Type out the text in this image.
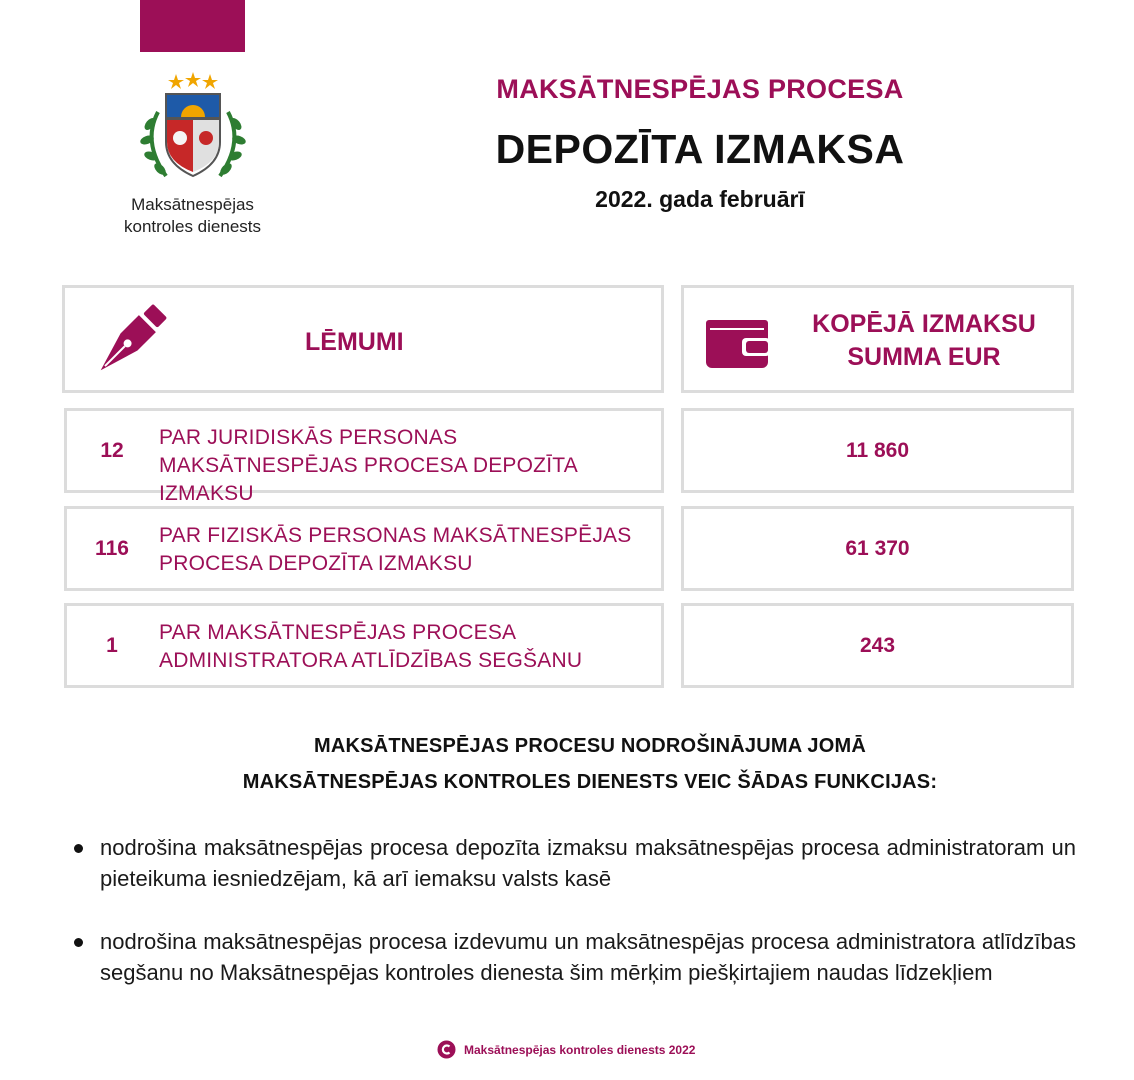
Maksātnespējas kontroles dienests
MAKSĀTNESPĒJAS PROCESA
DEPOZĪTA IZMAKSA
2022. gada februārī
LĒMUMI
KOPĒJĀ IZMAKSU SUMMA EUR
12
PAR JURIDISKĀS PERSONAS MAKSĀTNESPĒJAS PROCESA DEPOZĪTA IZMAKSU
11 860
116
PAR FIZISKĀS PERSONAS MAKSĀTNESPĒJAS PROCESA DEPOZĪTA IZMAKSU
61 370
1
PAR MAKSĀTNESPĒJAS PROCESA ADMINISTRATORA ATLĪDZĪBAS SEGŠANU
243
MAKSĀTNESPĒJAS PROCESU NODROŠINĀJUMA JOMĀ
MAKSĀTNESPĒJAS KONTROLES DIENESTS VEIC ŠĀDAS FUNKCIJAS:
nodrošina maksātnespējas procesa depozīta izmaksu maksātnespējas procesa administratoram un pieteikuma iesniedzējam, kā arī iemaksu valsts kasē
nodrošina maksātnespējas procesa izdevumu un maksātnespējas procesa administratora atlīdzības segšanu no Maksātnespējas kontroles dienesta šim mērķim piešķirtajiem naudas līdzekļiem
Maksātnespējas kontroles dienests 2022
